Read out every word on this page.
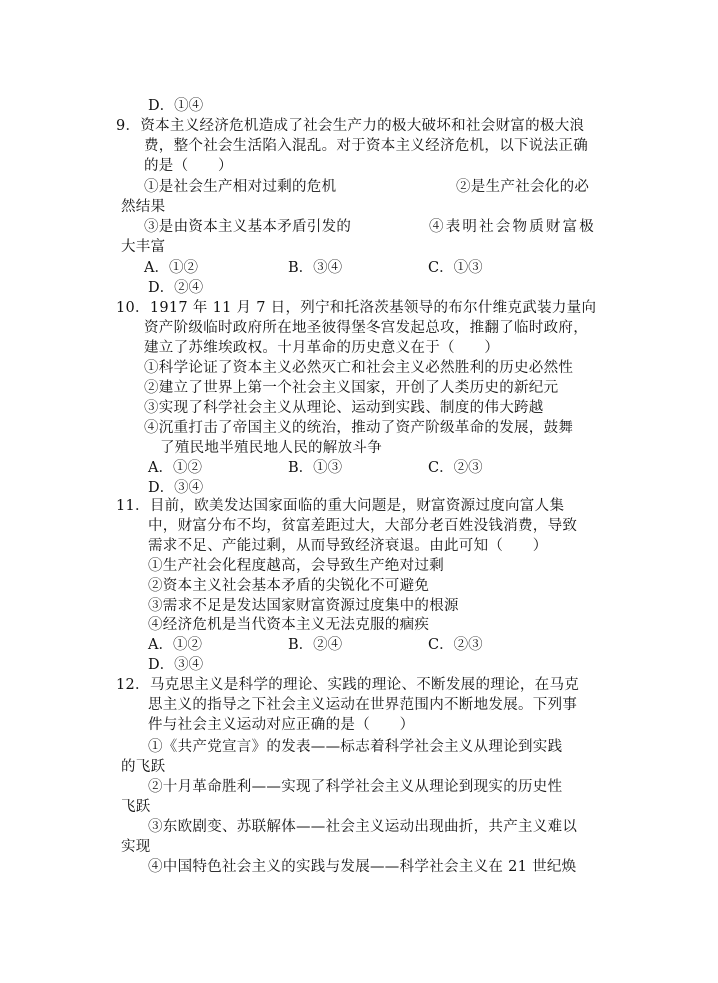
D．①④
9．资本主义经济危机造成了社会生产力的极大破坏和社会财富的极大浪
费，整个社会生活陷入混乱。对于资本主义经济危机，以下说法正确
的是（　　）
①是社会生产相对过剩的危机	②是生产社会化的必
然结果
③是由资本主义基本矛盾引发的	④表明社会物质财富极
大丰富
A．①②	B．③④	C．①③
D．②④
10．1917 年 11 月 7 日，列宁和托洛茨基领导的布尔什维克武装力量向
资产阶级临时政府所在地圣彼得堡冬宫发起总攻，推翻了临时政府，
建立了苏维埃政权。十月革命的历史意义在于（　　）
①科学论证了资本主义必然灭亡和社会主义必然胜利的历史必然性
②建立了世界上第一个社会主义国家，开创了人类历史的新纪元
③实现了科学社会主义从理论、运动到实践、制度的伟大跨越
④沉重打击了帝国主义的统治，推动了资产阶级革命的发展，鼓舞
了殖民地半殖民地人民的解放斗争
A．①②	B．①③	C．②③
D．③④
11．目前，欧美发达国家面临的重大问题是，财富资源过度向富人集
中，财富分布不均，贫富差距过大，大部分老百姓没钱消费，导致
需求不足、产能过剩，从而导致经济衰退。由此可知（　　）
①生产社会化程度越高，会导致生产绝对过剩
②资本主义社会基本矛盾的尖锐化不可避免
③需求不足是发达国家财富资源过度集中的根源
④经济危机是当代资本主义无法克服的痼疾
A．①②	B．②④	C．②③
D．③④
12．马克思主义是科学的理论、实践的理论、不断发展的理论，在马克
思主义的指导之下社会主义运动在世界范围内不断地发展。下列事
件与社会主义运动对应正确的是（　　）
①《共产党宣言》的发表——标志着科学社会主义从理论到实践
的飞跃
②十月革命胜利——实现了科学社会主义从理论到现实的历史性
飞跃
③东欧剧变、苏联解体——社会主义运动出现曲折，共产主义难以
实现
④中国特色社会主义的实践与发展——科学社会主义在 21 世纪焕
